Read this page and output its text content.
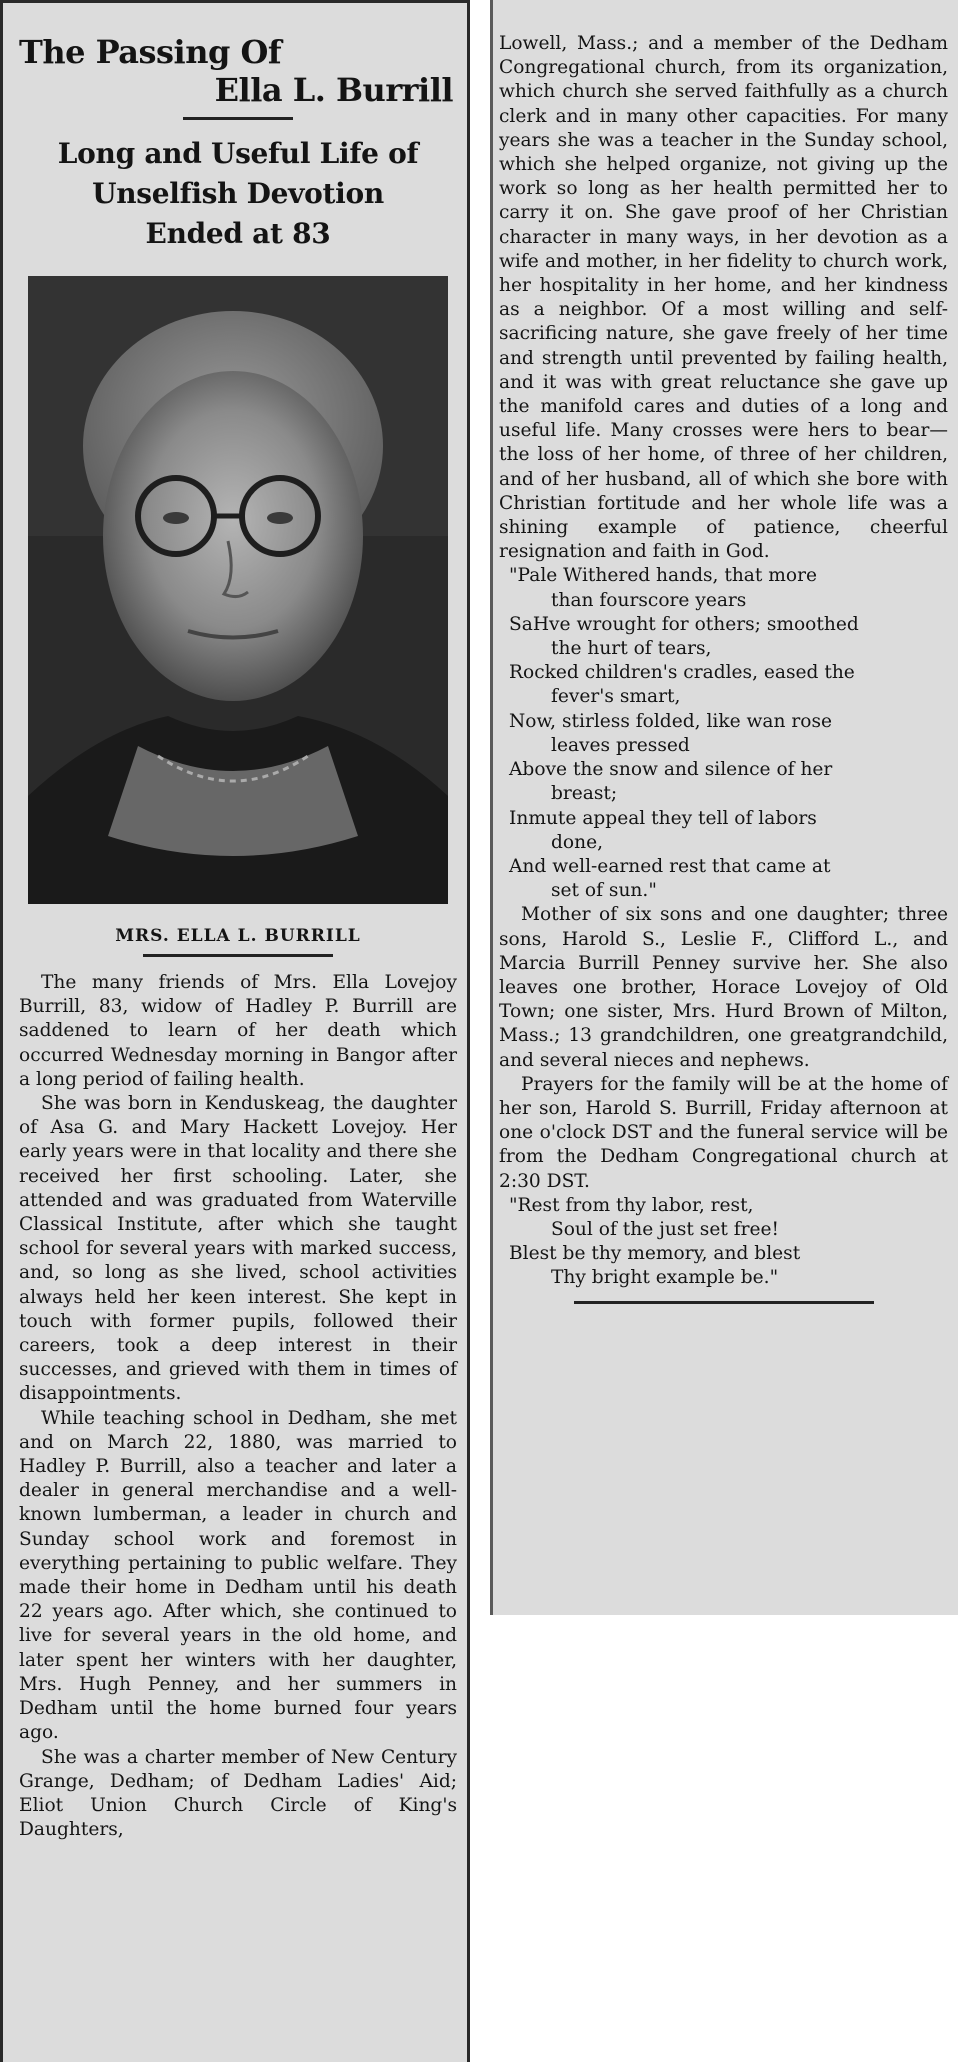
The Passing Of
Ella L. Burrill
Long and Useful Life of
Unselfish Devotion
Ended at 83
MRS. ELLA L. BURRILL

The many friends of Mrs. Ella Lovejoy Burrill, 83, widow of Hadley P. Burrill are saddened to learn of her death which occurred Wednesday morning in Bangor after a long period of failing health.

She was born in Kenduskeag, the daughter of Asa G. and Mary Hackett Lovejoy. Her early years were in that locality and there she received her first schooling. Later, she attended and was graduated from Waterville Classical Institute, after which she taught school for several years with marked success, and, so long as she lived, school activities always held her keen interest. She kept in touch with former pupils, followed their careers, took a deep interest in their successes, and grieved with them in times of disappointments.

While teaching school in Dedham, she met and on March 22, 1880, was married to Hadley P. Burrill, also a teacher and later a dealer in general merchandise and a well-known lumberman, a leader in church and Sunday school work and foremost in everything pertaining to public welfare. They made their home in Dedham until his death 22 years ago. After which, she continued to live for several years in the old home, and later spent her winters with her daughter, Mrs. Hugh Penney, and her summers in Dedham until the home burned four years ago.

She was a charter member of New Century Grange, Dedham; of Dedham Ladies' Aid; Eliot Union Church Circle of King's Daughters,

Lowell, Mass.; and a member of the Dedham Congregational church, from its organization, which church she served faithfully as a church clerk and in many other capacities. For many years she was a teacher in the Sunday school, which she helped organize, not giving up the work so long as her health permitted her to carry it on. She gave proof of her Christian character in many ways, in her devotion as a wife and mother, in her fidelity to church work, her hospitality in her home, and her kindness as a neighbor. Of a most willing and self-sacrificing nature, she gave freely of her time and strength until prevented by failing health, and it was with great reluctance she gave up the manifold cares and duties of a long and useful life. Many crosses were hers to bear—the loss of her home, of three of her children, and of her husband, all of which she bore with Christian fortitude and her whole life was a shining example of patience, cheerful resignation and faith in God.

"Pale Withered hands, that more
than fourscore years
SaHve wrought for others; smoothed
the hurt of tears,
Rocked children's cradles, eased the
fever's smart,
Now, stirless folded, like wan rose
leaves pressed
Above the snow and silence of her
breast;
Inmute appeal they tell of labors
done,
And well-earned rest that came at
set of sun."

Mother of six sons and one daughter; three sons, Harold S., Leslie F., Clifford L., and Marcia Burrill Penney survive her. She also leaves one brother, Horace Lovejoy of Old Town; one sister, Mrs. Hurd Brown of Milton, Mass.; 13 grandchildren, one greatgrandchild, and several nieces and nephews.

Prayers for the family will be at the home of her son, Harold S. Burrill, Friday afternoon at one o'clock DST and the funeral service will be from the Dedham Congregational church at 2:30 DST.

"Rest from thy labor, rest,
Soul of the just set free!
Blest be thy memory, and blest
Thy bright example be."
